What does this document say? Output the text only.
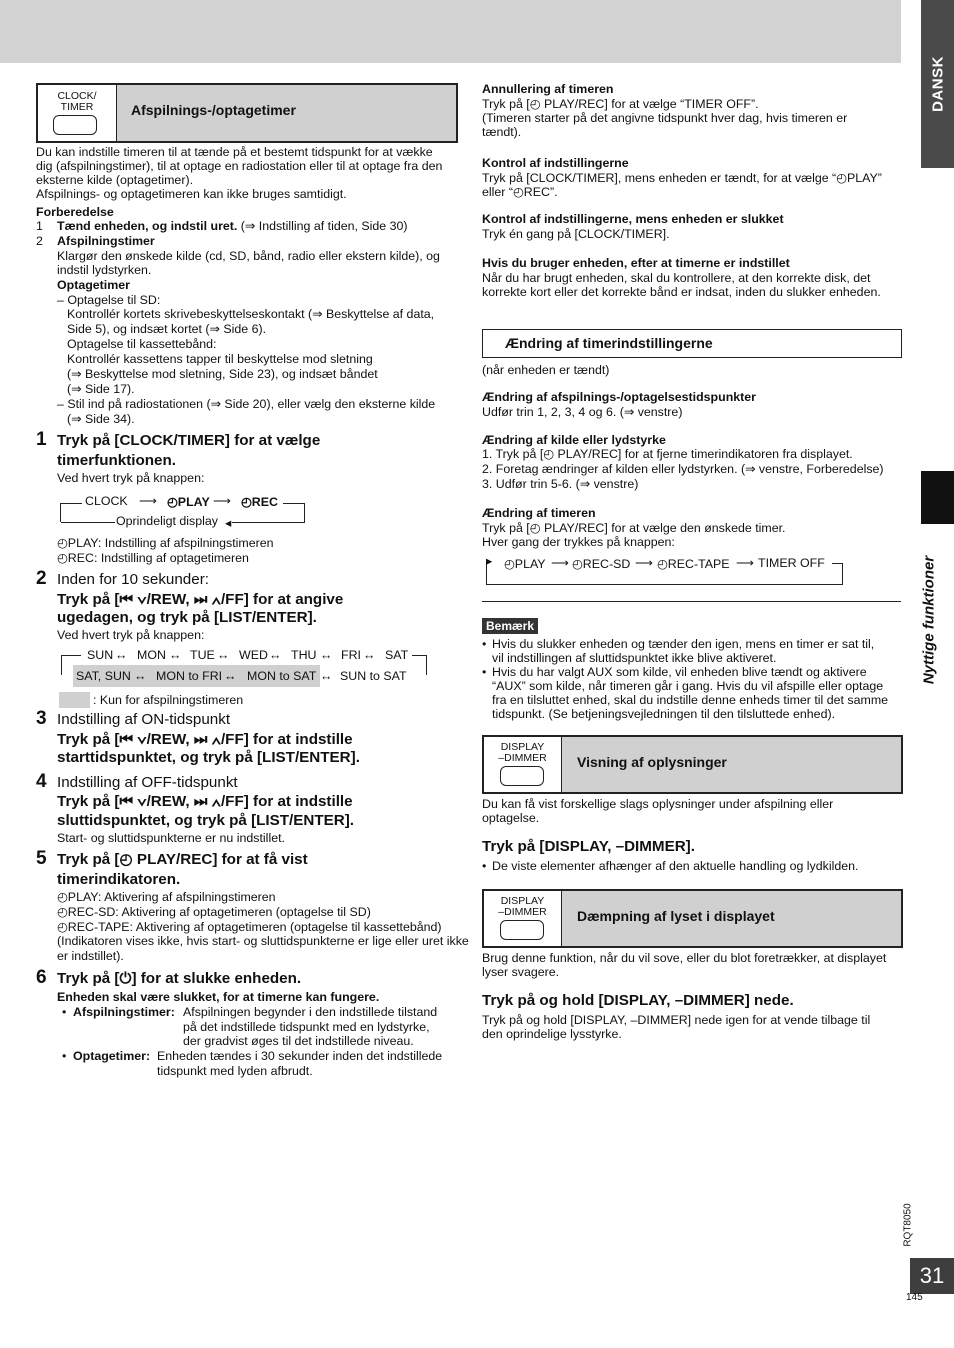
DANSK
Nyttige funktioner
RQT8050
31
145
CLOCK/
TIMER	Afspilnings-/optagetimer
Du kan indstille timeren til at tænde på et bestemt tidspunkt for at vække
dig (afspilningstimer), til at optage en radiostation eller til at optage fra den
eksterne kilde (optagetimer).
Afspilnings- og optagetimeren kan ikke bruges samtidigt.
Forberedelse
1 Tænd enheden, og indstil uret. (⇒ Indstilling af tiden, Side 30)
2 Afspilningstimer
Klargør den ønskede kilde (cd, SD, bånd, radio eller ekstern kilde), og
indstil lydstyrken.
Optagetimer
– Optagelse til SD:
Kontrollér kortets skrivebeskyttelseskontakt (⇒ Beskyttelse af data,
Side 5), og indsæt kortet (⇒ Side 6).
Optagelse til kassettebånd:
Kontrollér kassettens tapper til beskyttelse mod sletning
(⇒ Beskyttelse mod sletning, Side 23), og indsæt båndet
(⇒ Side 17).
– Stil ind på radiostationen (⇒ Side 20), eller vælg den eksterne kilde
(⇒ Side 34).
1 Tryk på [CLOCK/TIMER] for at vælge
timerfunktionen.
Ved hvert tryk på knappen:
CLOCK ⟶ ◴PLAY ⟶ ◴REC
Oprindeligt display ◂
◴PLAY: Indstilling af afspilningstimeren
◴REC: Indstilling af optagetimeren
2 Inden for 10 sekunder:
Tryk på [⏮ ∨/REW, ⏭ ∧/FF] for at angive
ugedagen, og tryk på [LIST/ENTER].
Ved hvert tryk på knappen:
SUN ↔ MON ↔ TUE ↔ WED ↔ THU ↔ FRI ↔ SAT
SAT, SUN ↔ MON to FRI ↔ MON to SAT ↔ SUN to SAT
: Kun for afspilningstimeren
3 Indstilling af ON-tidspunkt
Tryk på [⏮ ∨/REW, ⏭ ∧/FF] for at indstille
starttidspunktet, og tryk på [LIST/ENTER].
4 Indstilling af OFF-tidspunkt
Tryk på [⏮ ∨/REW, ⏭ ∧/FF] for at indstille
sluttidspunktet, og tryk på [LIST/ENTER].
Start- og sluttidspunkterne er nu indstillet.
5 Tryk på [◴ PLAY/REC] for at få vist
timerindikatoren.
◴PLAY: Aktivering af afspilningstimeren
◴REC-SD: Aktivering af optagetimeren (optagelse til SD)
◴REC-TAPE: Aktivering af optagetimeren (optagelse til kassettebånd)
(Indikatoren vises ikke, hvis start- og sluttidspunkterne er lige eller uret ikke
er indstillet).
6 Tryk på [⏻] for at slukke enheden.
Enheden skal være slukket, for at timerne kan fungere.
• Afspilningstimer: Afspilningen begynder i den indstillede tilstand
på det indstillede tidspunkt med en lydstyrke,
der gradvist øges til det indstillede niveau.
• Optagetimer: Enheden tændes i 30 sekunder inden det indstillede
tidspunkt med lyden afbrudt.
Annullering af timeren
Tryk på [◴ PLAY/REC] for at vælge “TIMER OFF”.
(Timeren starter på det angivne tidspunkt hver dag, hvis timeren er
tændt).
Kontrol af indstillingerne
Tryk på [CLOCK/TIMER], mens enheden er tændt, for at vælge “◴PLAY”
eller “◴REC”.
Kontrol af indstillingerne, mens enheden er slukket
Tryk én gang på [CLOCK/TIMER].
Hvis du bruger enheden, efter at timerne er indstillet
Når du har brugt enheden, skal du kontrollere, at den korrekte disk, det
korrekte kort eller det korrekte bånd er indsat, inden du slukker enheden.
Ændring af timerindstillingerne
(når enheden er tændt)
Ændring af afspilnings-/optagelsestidspunkter
Udfør trin 1, 2, 3, 4 og 6. (⇒ venstre)
Ændring af kilde eller lydstyrke
1. Tryk på [◴ PLAY/REC] for at fjerne timerindikatoren fra displayet.
2. Foretag ændringer af kilden eller lydstyrken. (⇒ venstre, Forberedelse)
3. Udfør trin 5-6. (⇒ venstre)
Ændring af timeren
Tryk på [◴ PLAY/REC] for at vælge den ønskede timer.
Hver gang der trykkes på knappen:
▸ ◴PLAY ⟶ ◴REC-SD ⟶ ◴REC-TAPE ⟶ TIMER OFF
Bemærk
• Hvis du slukker enheden og tænder den igen, mens en timer er sat til,
vil indstillingen af sluttidspunktet ikke blive aktiveret.
• Hvis du har valgt AUX som kilde, vil enheden blive tændt og aktivere
“AUX” som kilde, når timeren går i gang. Hvis du vil afspille eller optage
fra en tilsluttet enhed, skal du indstille denne enheds timer til det samme
tidspunkt. (Se betjeningsvejledningen til den tilsluttede enhed).
DISPLAY
–DIMMER	Visning af oplysninger
Du kan få vist forskellige slags oplysninger under afspilning eller
optagelse.
Tryk på [DISPLAY, –DIMMER].
• De viste elementer afhænger af den aktuelle handling og lydkilden.
DISPLAY
–DIMMER	Dæmpning af lyset i displayet
Brug denne funktion, når du vil sove, eller du blot foretrækker, at displayet
lyser svagere.
Tryk på og hold [DISPLAY, –DIMMER] nede.
Tryk på og hold [DISPLAY, –DIMMER] nede igen for at vende tilbage til
den oprindelige lysstyrke.
